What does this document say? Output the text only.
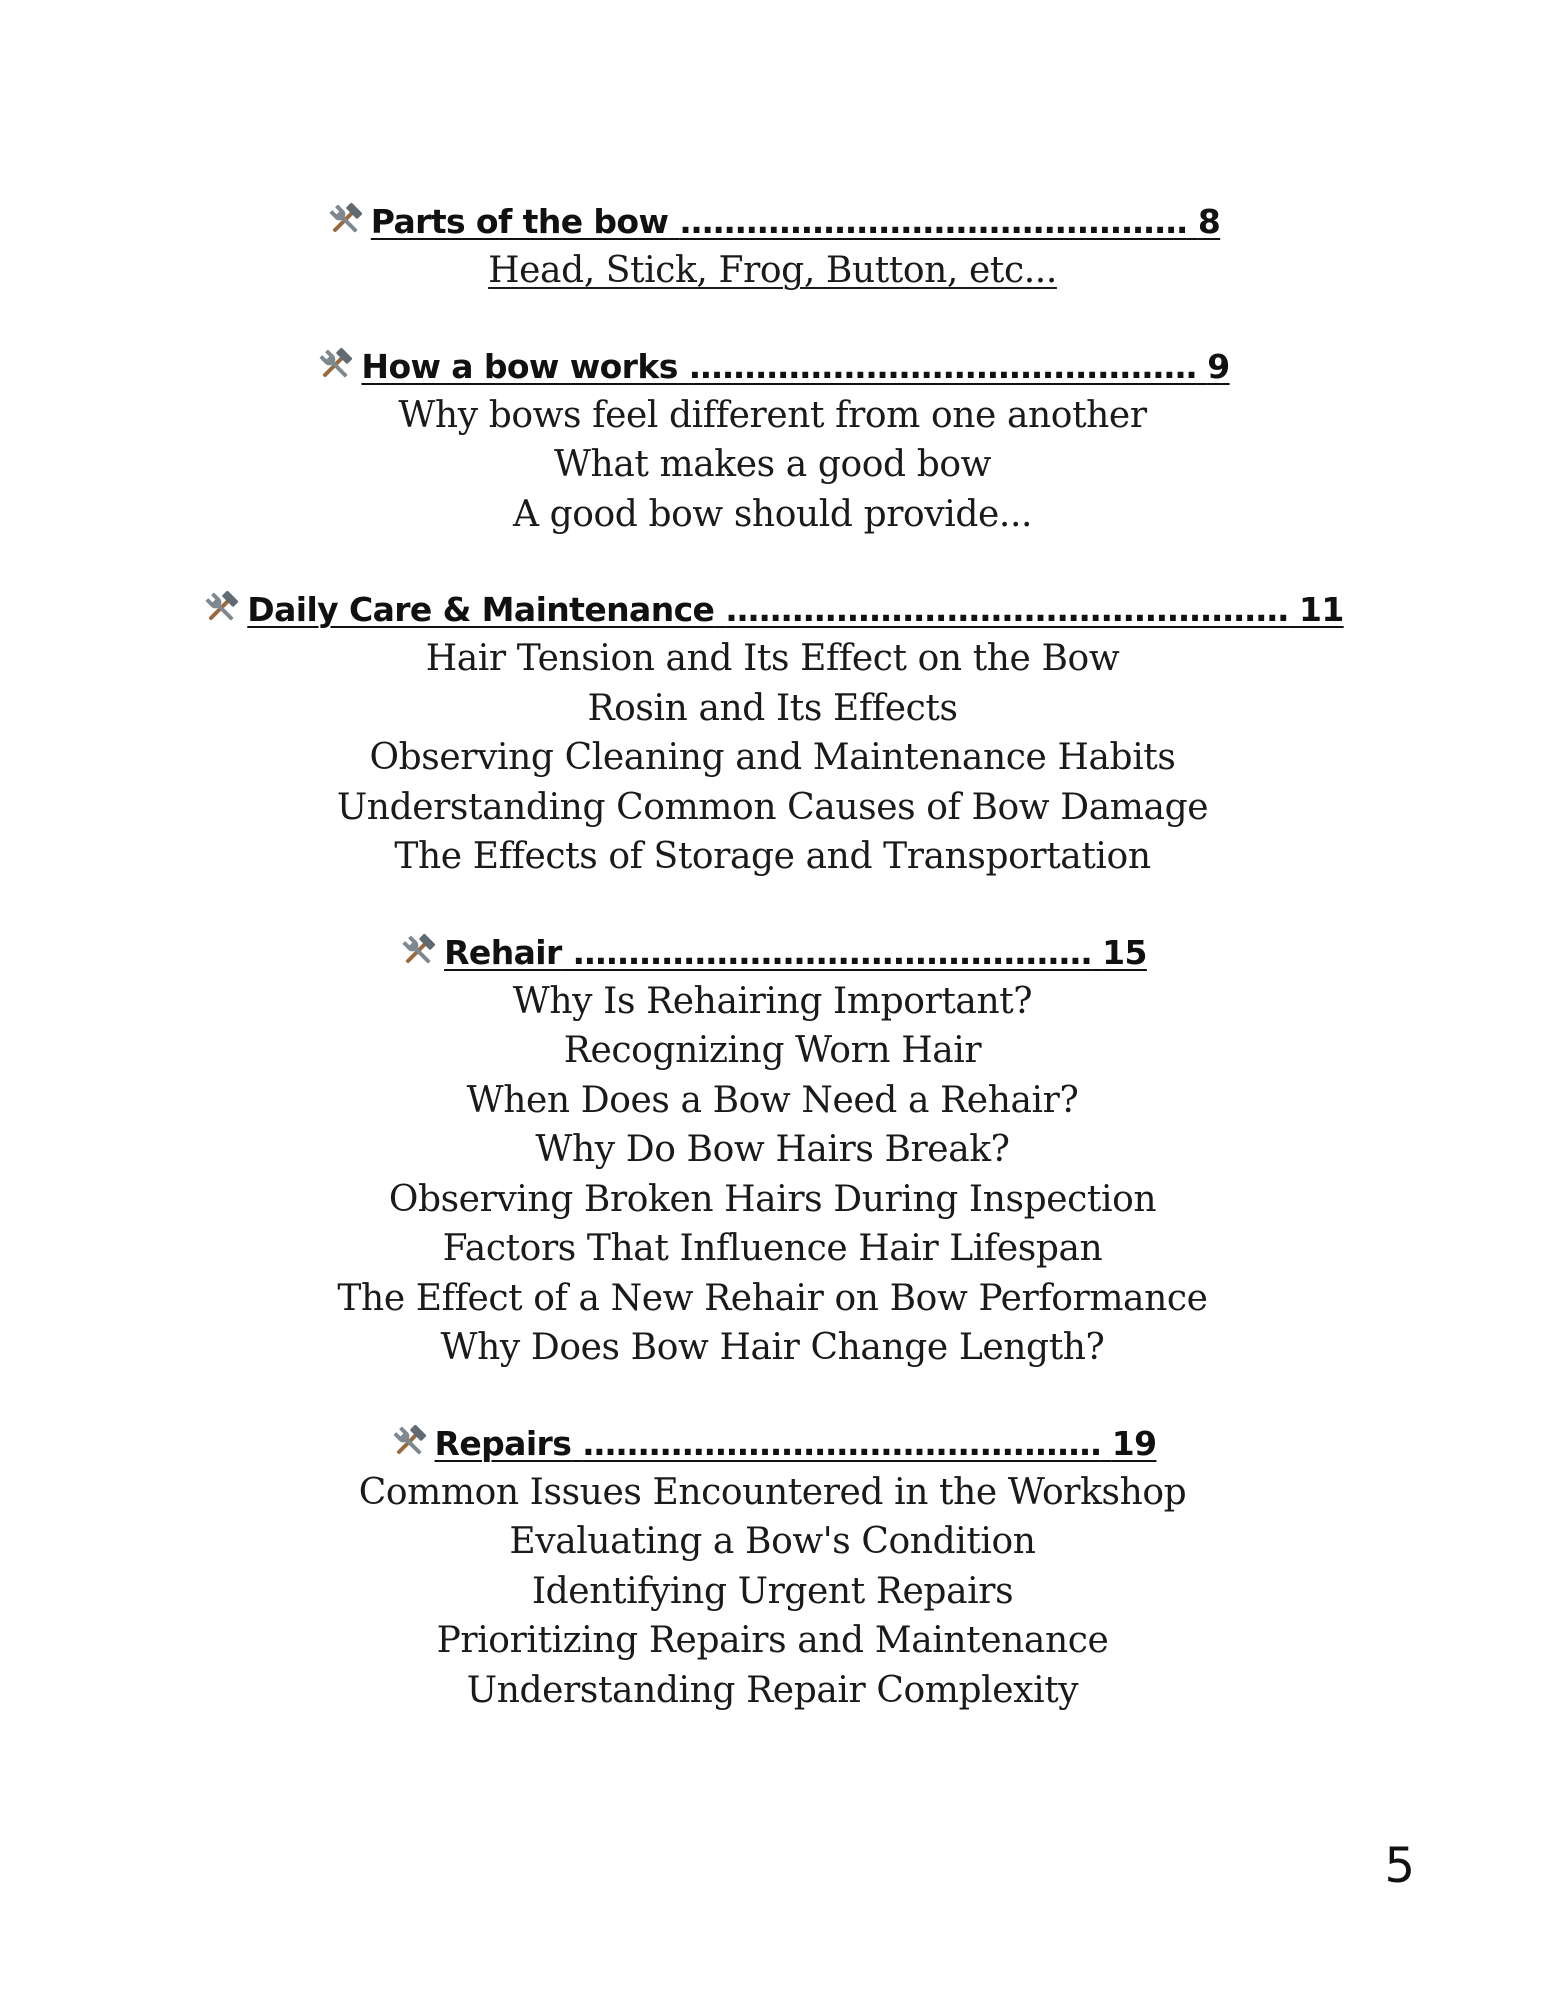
Parts of the bow .............................................. 8
Head, Stick, Frog, Button, etc...
How a bow works .............................................. 9
Why bows feel different from one another
What makes a good bow
A good bow should provide...
Daily Care & Maintenance ................................................... 11
Hair Tension and Its Effect on the Bow
Rosin and Its Effects
Observing Cleaning and Maintenance Habits
Understanding Common Causes of Bow Damage
The Effects of Storage and Transportation
Rehair ............................................... 15
Why Is Rehairing Important?
Recognizing Worn Hair
When Does a Bow Need a Rehair?
Why Do Bow Hairs Break?
Observing Broken Hairs During Inspection
Factors That Influence Hair Lifespan
The Effect of a New Rehair on Bow Performance
Why Does Bow Hair Change Length?
Repairs ............................................... 19
Common Issues Encountered in the Workshop
Evaluating a Bow's Condition
Identifying Urgent Repairs
Prioritizing Repairs and Maintenance
Understanding Repair Complexity
5
